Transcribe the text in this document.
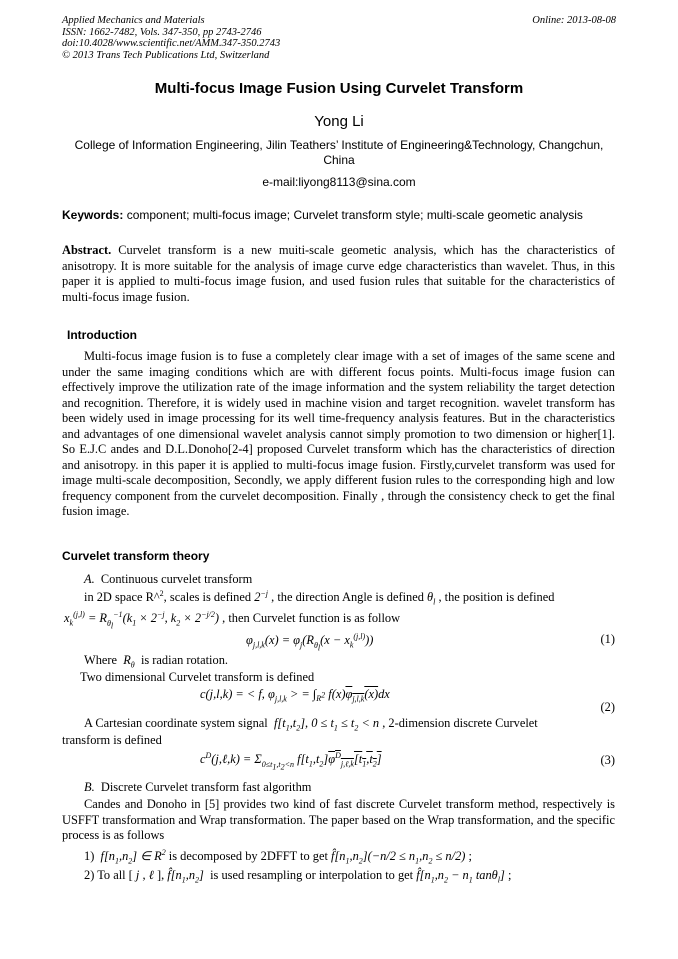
Applied Mechanics and Materials
ISSN: 1662-7482, Vols. 347-350, pp 2743-2746
doi:10.4028/www.scientific.net/AMM.347-350.2743
© 2013 Trans Tech Publications Ltd, Switzerland
Online: 2013-08-08
Multi-focus Image Fusion Using Curvelet Transform
Yong Li
College of Information Engineering, Jilin Teathers’ Institute of Engineering&Technology, Changchun, China
e-mail:liyong8113@sina.com
Keywords: component; multi-focus image; Curvelet transform style; multi-scale geometic analysis
Abstract. Curvelet transform is a new muiti-scale geometic analysis, which has the characteristics of anisotropy. It is more suitable for the analysis of image curve edge characteristics than wavelet. Thus, in this paper it is applied to multi-focus image fusion, and used fusion rules that suitable for the characteristics of multi-focus image fusion.
Introduction
Multi-focus image fusion is to fuse a completely clear image with a set of images of the same scene and under the same imaging conditions which are with different focus points. Multi-focus image fusion can effectively improve the utilization rate of the image information and the system reliability the target detection and recognition. Therefore, it is widely used in machine vision and target recognition. wavelet transform has been widely used in image processing for its well time-frequency analysis features. But in the characteristics and advantages of one dimensional wavelet analysis cannot simply promotion to two dimension or higher[1]. So E.J.C andes and D.L.Donoho[2-4] proposed Curvelet transform which has the characteristics of direction and anisotropy. in this paper it is applied to multi-focus image fusion. Firstly,curvelet transform was used for image multi-scale decomposition, Secondly, we apply different fusion rules to the corresponding high and low frequency component from the curvelet decomposition. Finally , through the consistency check to get the final fusion image.
Curvelet transform theory
A. Continuous curvelet transform
in 2D space R^$^2$, scales is defined $2^{-j}$ , the direction Angle is defined $\theta_l$ , the position is defined
$x_k^{(j,l)} = R_{\theta_l}^{-1}(k_1 \times 2^{-j}$, $k_2 \times 2^{-j/2}$) , then Curvelet function is as follow
$\varphi_{j,l,k}(x) = \varphi_j(R_{\theta_l}(x - x_k^{(j,l)}))$	(1)
Where $R_\theta$ is radian rotation.
Two dimensional Curvelet transform is defined
c(j,l,k) = < f, $\varphi_{j,l,k}$ > = $\int_{R^2}$ $f(x)\varphi_{j,l,k}(x)dx$
(2)
A Cartesian coordinate system signal $f[t_1,t_2]$, $0 \le t_1 \le t_2 < n$ , 2-dimension discrete Curvelet
transform is defined
$c^D(j,\ell,k) = \Sigma_{0\le t_1,t_2<n}$ $f[t_1,t_2]\varphi^D_{j,\ell,k}[t_1,t_2]$	(3)
B. Discrete Curvelet transform fast algorithm
Candes and Donoho in [5] provides two kind of fast discrete Curvelet transform method, respectively is USFFT transformation and Wrap transformation. The paper based on the Wrap transformation, and the specific process is as follows
1) $f[n_1,n_2]$ ∈ $R^2$ is decomposed by 2DFFT to get $f̂[n_1,n_2](-n/2 \le n_1,n_2 \le n/2)$ ;
2) To all [ j , ℓ ], $f̂[n_1,n_2]$ is used resampling or interpolation to get $f̂[n_1,n_2 - n_1$ tanθ$_l$] ;
